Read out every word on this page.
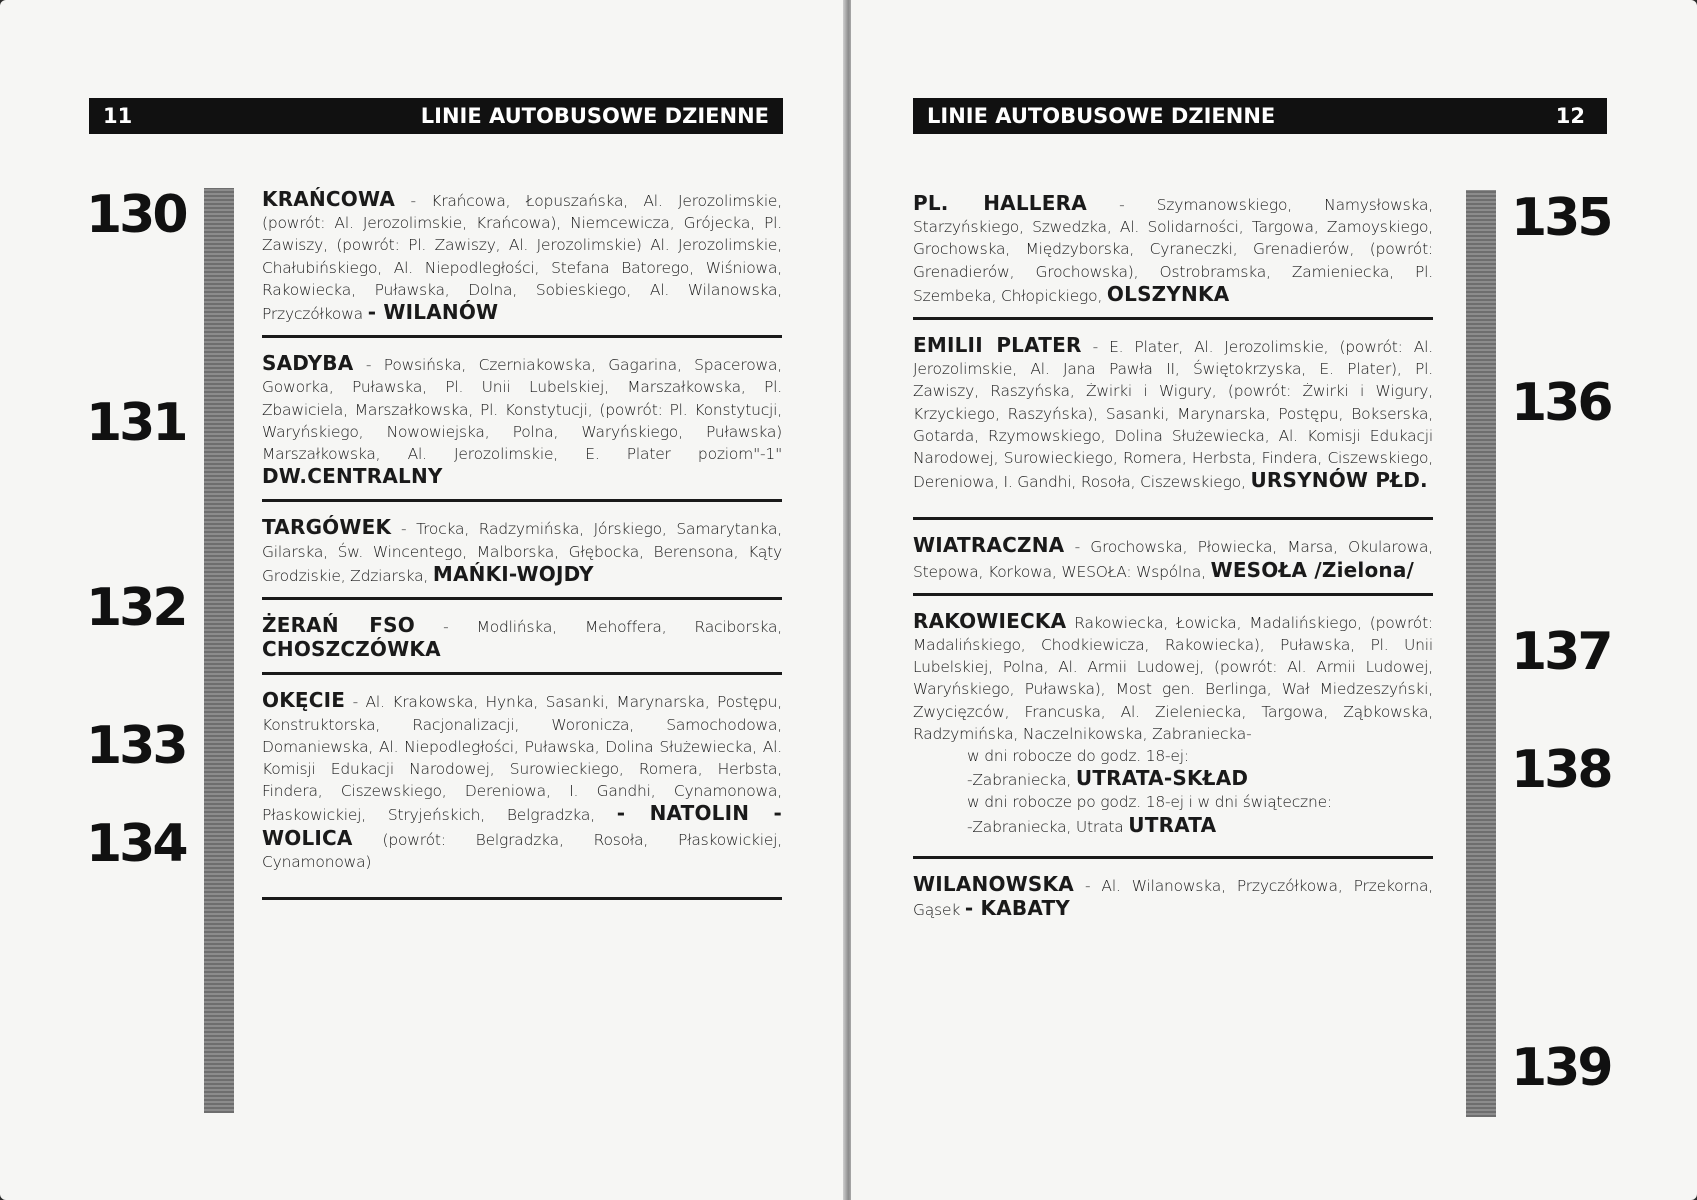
11	LINIE AUTOBUSOWE DZIENNE
130
131
132
133
134
KRAŃCOWA - Krańcowa, Łopuszańska, Al. Jerozolimskie, (powrót: Al. Jerozolimskie, Krańcowa), Niemcewicza, Grójecka, Pl. Zawiszy, (powrót: Pl. Zawiszy, Al. Jerozolimskie) Al. Jerozolimskie, Chałubińskiego, Al. Niepodległości, Stefana Batorego, Wiśniowa, Rakowiecka, Puławska, Dolna, Sobieskiego, Al. Wilanowska, Przyczółkowa - WILANÓW
SADYBA - Powsińska, Czerniakowska, Gagarina, Spacerowa, Goworka, Puławska, Pl. Unii Lubelskiej, Marszałkowska, Pl. Zbawiciela, Marszałkowska, Pl. Konstytucji, (powrót: Pl. Konstytucji, Waryńskiego, Nowowiejska, Polna, Waryńskiego, Puławska) Marszałkowska, Al. Jerozolimskie, E. Plater poziom"-1" DW.CENTRALNY
TARGÓWEK - Trocka, Radzymińska, Jórskiego, Samarytanka, Gilarska, Św. Wincentego, Malborska, Głębocka, Berensona, Kąty Grodziskie, Zdziarska, MAŃKI-WOJDY
ŻERAŃ FSO - Modlińska, Mehoffera, Raciborska, CHOSZCZÓWKA
OKĘCIE - Al. Krakowska, Hynka, Sasanki, Marynarska, Postępu, Konstruktorska, Racjonalizacji, Woronicza, Samochodowa, Domaniewska, Al. Niepodległości, Puławska, Dolina Służewiecka, Al. Komisji Edukacji Narodowej, Surowieckiego, Romera, Herbsta, Findera, Ciszewskiego, Dereniowa, I. Gandhi, Cynamonowa, Płaskowickiej, Stryjeńskich, Belgradzka, - NATOLIN -WOLICA (powrót: Belgradzka, Rosoła, Płaskowickiej, Cynamonowa)
LINIE AUTOBUSOWE DZIENNE	12
135
136
137
138
139
PL. HALLERA - Szymanowskiego, Namysłowska, Starzyńskiego, Szwedzka, Al. Solidarności, Targowa, Zamoyskiego, Grochowska, Międzyborska, Cyraneczki, Grenadierów, (powrót: Grenadierów, Grochowska), Ostrobramska, Zamieniecka, Pl. Szembeka, Chłopickiego, OLSZYNKA
EMILII PLATER - E. Plater, Al. Jerozolimskie, (powrót: Al. Jerozolimskie, Al. Jana Pawła II, Świętokrzyska, E. Plater), Pl. Zawiszy, Raszyńska, Żwirki i Wigury, (powrót: Żwirki i Wigury, Krzyckiego, Raszyńska), Sasanki, Marynarska, Postępu, Bokserska, Gotarda, Rzymowskiego, Dolina Służewiecka, Al. Komisji Edukacji Narodowej, Surowieckiego, Romera, Herbsta, Findera, Ciszewskiego, Dereniowa, I. Gandhi, Rosoła, Ciszewskiego, URSYNÓW PŁD.
WIATRACZNA - Grochowska, Płowiecka, Marsa, Okularowa, Stepowa, Korkowa, WESOŁA: Wspólna, WESOŁA /Zielona/
RAKOWIECKA Rakowiecka, Łowicka, Madalińskiego, (powrót: Madalińskiego, Chodkiewicza, Rakowiecka), Puławska, Pl. Unii Lubelskiej, Polna, Al. Armii Ludowej, (powrót: Al. Armii Ludowej, Waryńskiego, Puławska), Most gen. Berlinga, Wał Miedzeszyński, Zwycięzców, Francuska, Al. Zieleniecka, Targowa, Ząbkowska, Radzymińska, Naczelnikowska, Zabraniecka-
w dni robocze do godz. 18-ej:
-Zabraniecka, UTRATA-SKŁAD
w dni robocze po godz. 18-ej i w dni świąteczne:
-Zabraniecka, Utrata UTRATA
WILANOWSKA - Al. Wilanowska, Przyczółkowa, Przekorna, Gąsek - KABATY
